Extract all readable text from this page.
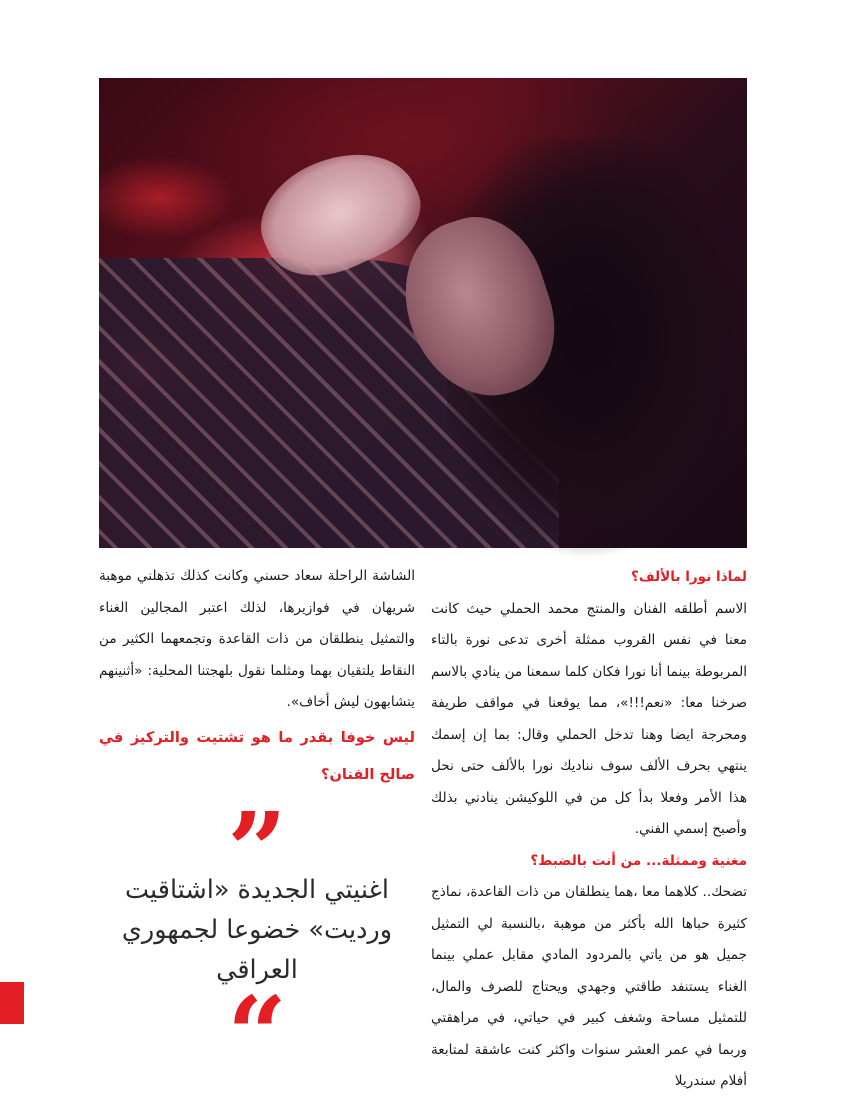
لماذا نورا بالألف؟

الاسم أطلقه الفنان والمنتج محمد الحملي حيث كانت معنا في نفس القروب ممثلة أخرى تدعى نورة بالتاء المربوطة بينما أنا نورا فكان كلما سمعنا من ينادي بالاسم صرخنا معا: «نعم!!!»، مما يوقعنا في مواقف طريفة ومحرجة ايضا وهنا تدخل الحملي وقال: بما إن إسمك ينتهي بحرف الألف سوف نناديك نورا بالألف حتى نحل هذا الأمر وفعلا بدأ كل من في اللوكيشن ينادني بذلك وأصبح إسمي الفني.

مغنية وممثلة... من أنت بالضبط؟

تضحك.. كلاهما معا ،هما ينطلقان من ذات القاعدة، نماذج كثيرة حباها الله بأكثر من موهبة ،بالنسبة لي التمثيل جميل هو من ياتي بالمردود المادي مقابل عملي بينما الغناء يستنفد طاقتي وجهدي ويحتاج للصرف والمال، للتمثيل مساحة وشغف كبير في حياتي، في مراهقتي وربما في عمر العشر سنوات واكثر كنت عاشقة لمتابعة أفلام سندريلا

الشاشة الراحلة سعاد حسني وكانت كذلك تذهلني موهبة شريهان في فوازيرها، لذلك اعتبر المجالين الغناء والتمثيل ينطلقان من ذات القاعدة وتجمعهما الكثير من النقاط يلتقيان بهما ومثلما نقول بلهجتنا المحلية: «أثنينهم يتشابهون ليش أخاف».

ليس خوفا بقدر ما هو تشتيت والتركيز في صالح الفنان؟

”

اغنيتي الجديدة «اشتاقيت ورديت» خضوعا لجمهوري العراقي

“
